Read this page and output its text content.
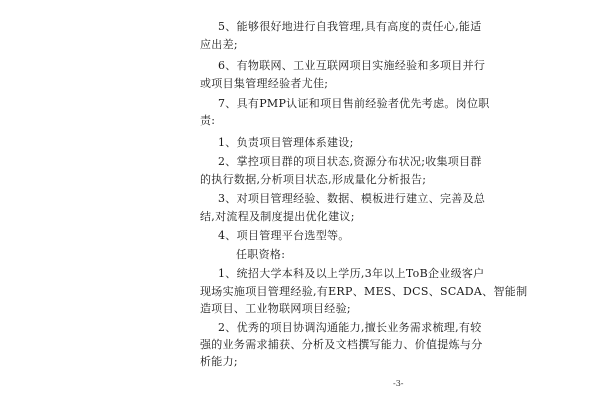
5、能够很好地进行自我管理,具有高度的责任心,能适
应出差;
6、有物联网、工业互联网项目实施经验和多项目并行
或项目集管理经验者尤佳;
7、具有PMP认证和项目售前经验者优先考虑。岗位职
责:
1、负责项目管理体系建设;
2、掌控项目群的项目状态,资源分布状况;收集项目群
的执行数据,分析项目状态,形成量化分析报告;
3、对项目管理经验、数据、模板进行建立、完善及总
结,对流程及制度提出优化建议;
4、项目管理平台选型等。
任职资格:
1、统招大学本科及以上学历,3年以上ToB企业级客户
现场实施项目管理经验,有ERP、MES、DCS、SCADA、智能制
造项目、工业物联网项目经验;
2、优秀的项目协调沟通能力,擅长业务需求梳理,有较
强的业务需求捕获、分析及文档撰写能力、价值提炼与分
析能力;
-3-
